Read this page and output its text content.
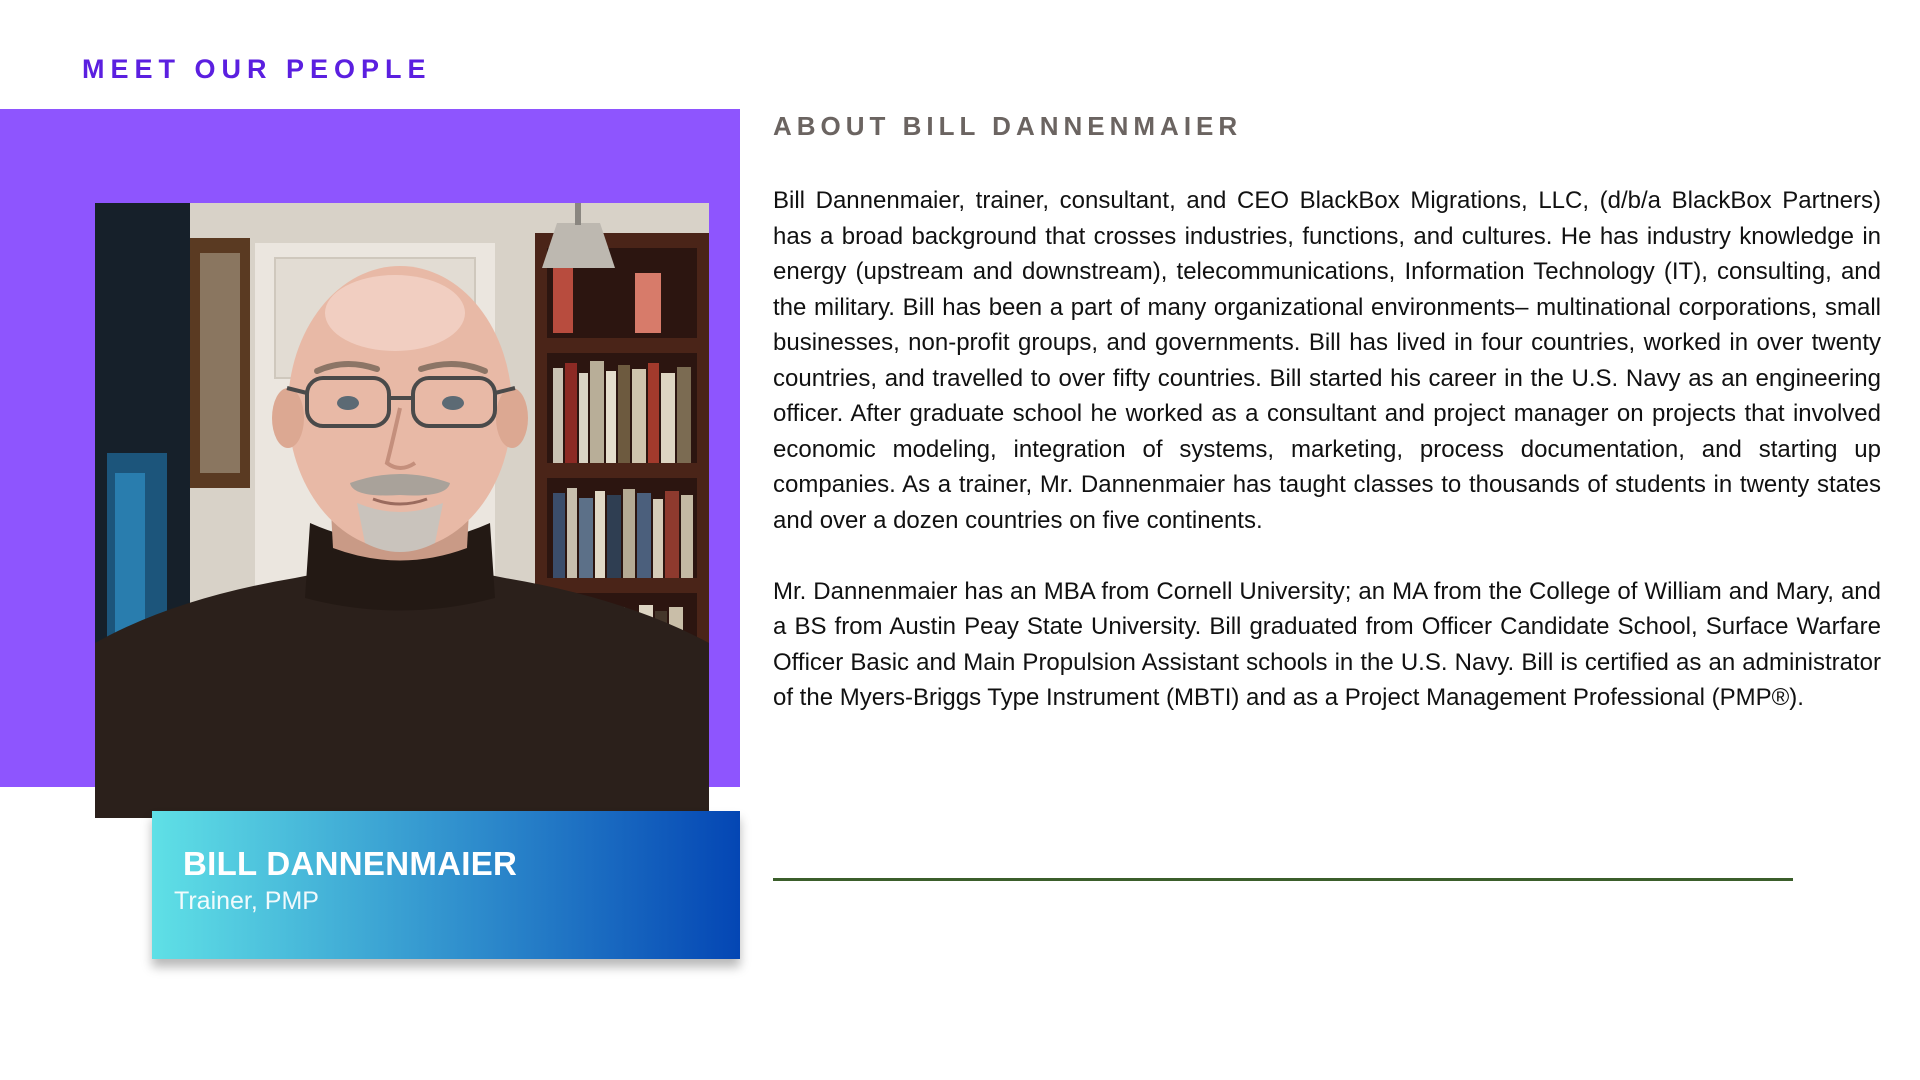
MEET OUR PEOPLE
BILL DANNENMAIER
Trainer, PMP
ABOUT BILL DANNENMAIER

Bill Dannenmaier, trainer, consultant, and CEO BlackBox Migrations, LLC, (d/b/a BlackBox Partners) has a broad background that crosses industries, functions, and cultures. He has industry knowledge in energy (upstream and downstream), telecommunications, Information Technology (IT), consulting, and the military. Bill has been a part of many organizational environments– multinational corporations, small businesses, non-profit groups, and governments. Bill has lived in four countries, worked in over twenty countries, and travelled to over fifty countries. Bill started his career in the U.S. Navy as an engineering officer. After graduate school he worked as a consultant and project manager on projects that involved economic modeling, integration of systems, marketing, process documentation, and starting up companies. As a trainer, Mr. Dannenmaier has taught classes to thousands of students in twenty states and over a dozen countries on five continents.

Mr. Dannenmaier has an MBA from Cornell University; an MA from the College of William and Mary, and a BS from Austin Peay State University. Bill graduated from Officer Candidate School, Surface Warfare Officer Basic and Main Propulsion Assistant schools in the U.S. Navy. Bill is certified as an administrator of the Myers-Briggs Type Instrument (MBTI) and as a Project Management Professional (PMP®).
